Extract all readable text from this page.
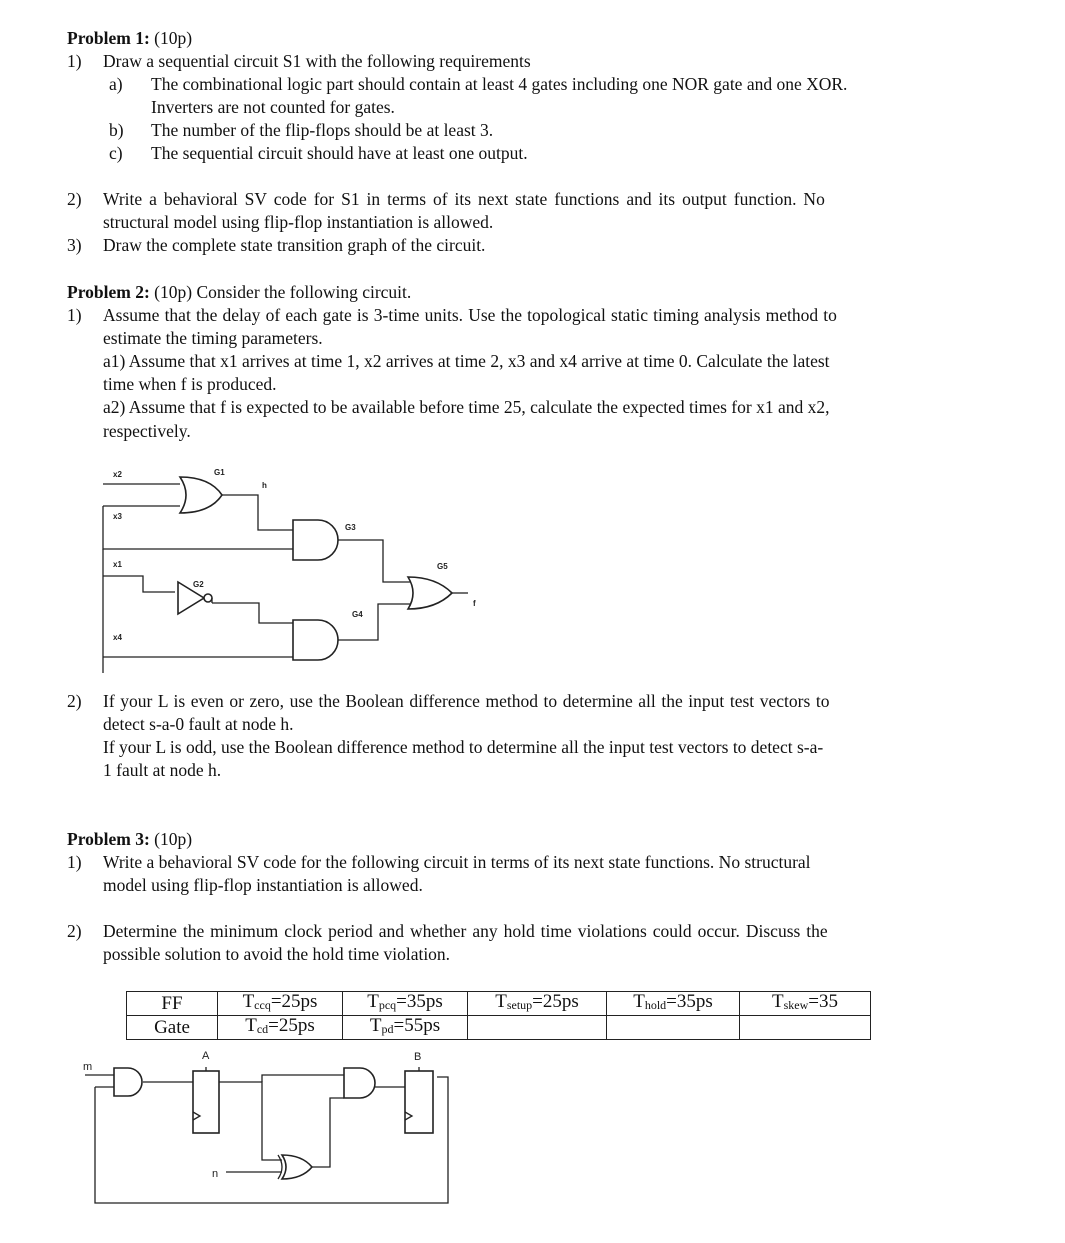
Problem 1: (10p)
1) Draw a sequential circuit S1 with the following requirements
a) The combinational logic part should contain at least 4 gates including one NOR gate and one XOR.
Inverters are not counted for gates.
b) The number of the flip-flops should be at least 3.
c) The sequential circuit should have at least one output.
2) Write a behavioral SV code for S1 in terms of its next state functions and its output function. No
structural model using flip-flop instantiation is allowed.
3) Draw the complete state transition graph of the circuit.
Problem 2: (10p) Consider the following circuit.
1) Assume that the delay of each gate is 3-time units. Use the topological static timing analysis method to
estimate the timing parameters.
a1) Assume that x1 arrives at time 1, x2 arrives at time 2, x3 and x4 arrive at time 0. Calculate the latest
time when f is produced.
a2) Assume that f is expected to be available before time 25, calculate the expected times for x1 and x2,
respectively.
x2
x3
x1
x4
G1
G2
G3
G4
G5
h
f
2) If your L is even or zero, use the Boolean difference method to determine all the input test vectors to
detect s-a-0 fault at node h.
If your L is odd, use the Boolean difference method to determine all the input test vectors to detect s-a-
1 fault at node h.
Problem 3: (10p)
1) Write a behavioral SV code for the following circuit in terms of its next state functions. No structural
model using flip-flop instantiation is allowed.
2) Determine the minimum clock period and whether any hold time violations could occur. Discuss the
possible solution to avoid the hold time violation.
FF	$T_{ccq}=25ps$	$T_{pcq}=35ps$	$T_{setup}=25ps$	$T_{hold}=35ps$	$T_{skew}=35$
Gate	$T_{cd}=25ps$	$T_{pd}=55ps$			
m
A	B
n
